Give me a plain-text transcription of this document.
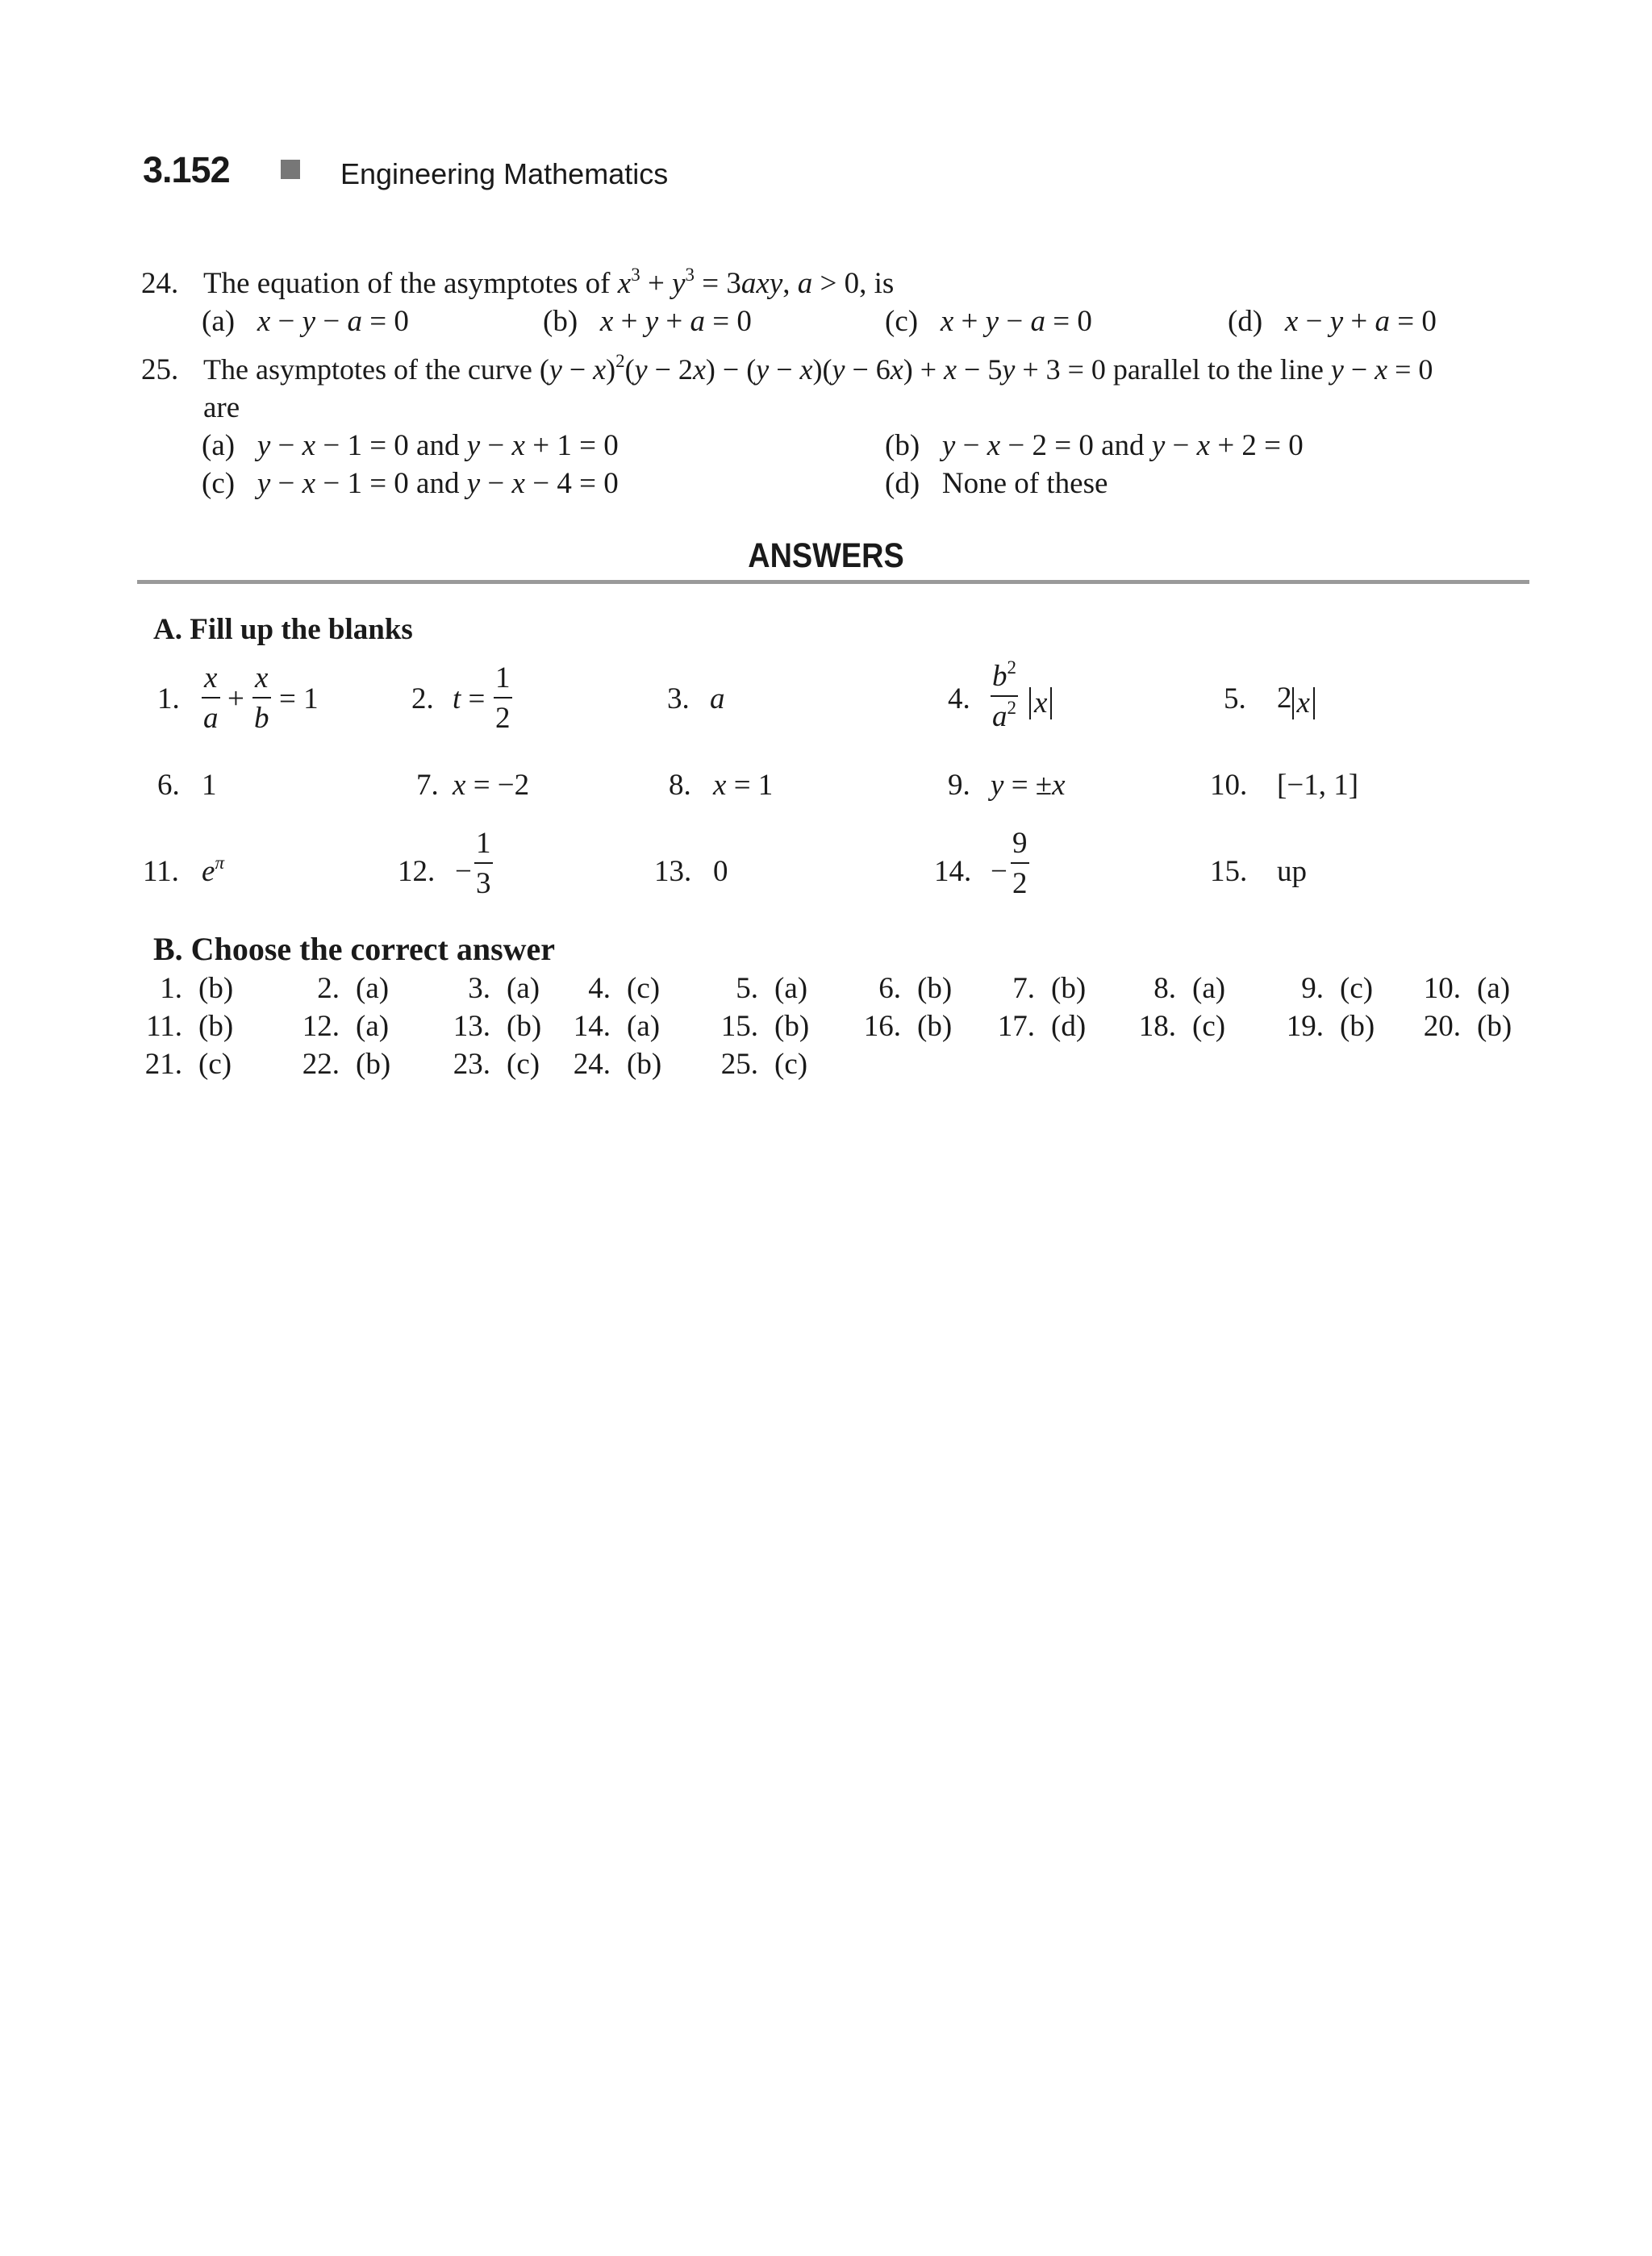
3.152	Engineering Mathematics
24. The equation of the asymptotes of $x^3 + y^3 = 3axy$, a > 0, is
(a)   x − y − a = 0	(b)   x + y + a = 0	(c)   x + y − a = 0	(d)   x − y + a = 0
25. The asymptotes of the curve $(y - x)^2(y - 2x) - (y - x)(y - 6x) + x - 5y + 3 = 0$ parallel to the line y − x = 0
are
(a)   y − x − 1 = 0 and y − x + 1 = 0	(b)   y − x − 2 = 0 and y − x + 2 = 0
(c)   y − x − 1 = 0 and y − x − 4 = 0	(d)   None of these
ANSWERS
A. Fill up the blanks
1.
x
a
+
x
b
= 1	2. t =
1
2
3. a	4.
$b^2$
$a^2$ x	5. 2 x
6. 1	7. x = −2	8. x = 1	9. y = ±x	10. [−1, 1]
11. $e^\pi$	12. −
1
3	13. 0	14. −
9
2	15. up
B. Choose the correct answer
1. (b)	2. (a)	3. (a) 4. (c)	5. (a) 6. (b) 7. (b) 8. (a)	9. (c) 10. (a)
11. (b) 12. (a) 13. (b) 14. (a) 15. (b) 16. (b) 17. (d) 18. (c) 19. (b) 20. (b)
21. (c) 22. (b) 23. (c) 24. (b) 25. (c)
